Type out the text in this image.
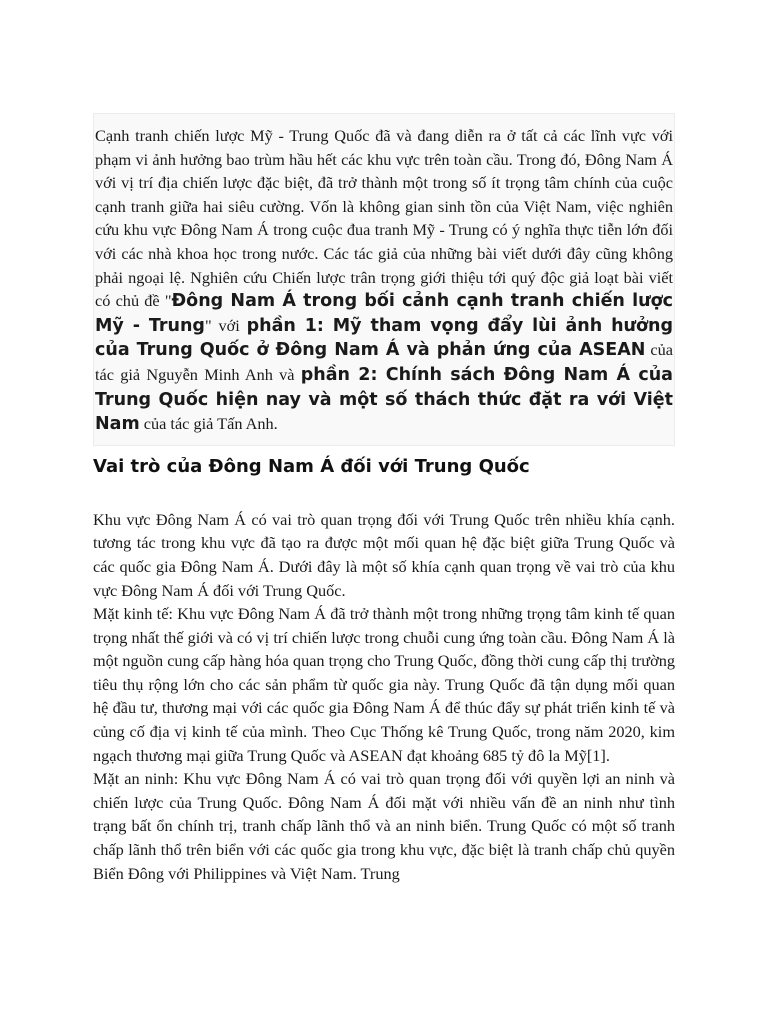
Cạnh tranh chiến lược Mỹ - Trung Quốc đã và đang diễn ra ở tất cả các lĩnh vực với phạm vi ảnh hưởng bao trùm hầu hết các khu vực trên toàn cầu. Trong đó, Đông Nam Á với vị trí địa chiến lược đặc biệt, đã trở thành một trong số ít trọng tâm chính của cuộc cạnh tranh giữa hai siêu cường. Vốn là không gian sinh tồn của Việt Nam, việc nghiên cứu khu vực Đông Nam Á trong cuộc đua tranh Mỹ - Trung có ý nghĩa thực tiễn lớn đối với các nhà khoa học trong nước. Các tác giả của những bài viết dưới đây cũng không phải ngoại lệ. Nghiên cứu Chiến lược trân trọng giới thiệu tới quý độc giả loạt bài viết có chủ đề "Đông Nam Á trong bối cảnh cạnh tranh chiến lược Mỹ - Trung" với phần 1: Mỹ tham vọng đẩy lùi ảnh hưởng của Trung Quốc ở Đông Nam Á và phản ứng của ASEAN của tác giả Nguyễn Minh Anh và phần 2: Chính sách Đông Nam Á của Trung Quốc hiện nay và một số thách thức đặt ra với Việt Nam của tác giả Tấn Anh.
Vai trò của Đông Nam Á đối với Trung Quốc

Khu vực Đông Nam Á có vai trò quan trọng đối với Trung Quốc trên nhiều khía cạnh. tương tác trong khu vực đã tạo ra được một mối quan hệ đặc biệt giữa Trung Quốc và các quốc gia Đông Nam Á. Dưới đây là một số khía cạnh quan trọng về vai trò của khu vực Đông Nam Á đối với Trung Quốc.

Mặt kinh tế: Khu vực Đông Nam Á đã trở thành một trong những trọng tâm kinh tế quan trọng nhất thế giới và có vị trí chiến lược trong chuỗi cung ứng toàn cầu. Đông Nam Á là một nguồn cung cấp hàng hóa quan trọng cho Trung Quốc, đồng thời cung cấp thị trường tiêu thụ rộng lớn cho các sản phẩm từ quốc gia này. Trung Quốc đã tận dụng mối quan hệ đầu tư, thương mại với các quốc gia Đông Nam Á để thúc đẩy sự phát triển kinh tế và củng cố địa vị kinh tế của mình. Theo Cục Thống kê Trung Quốc, trong năm 2020, kim ngạch thương mại giữa Trung Quốc và ASEAN đạt khoảng 685 tỷ đô la Mỹ[1].

Mặt an ninh: Khu vực Đông Nam Á có vai trò quan trọng đối với quyền lợi an ninh và chiến lược của Trung Quốc. Đông Nam Á đối mặt với nhiều vấn đề an ninh như tình trạng bất ổn chính trị, tranh chấp lãnh thổ và an ninh biển. Trung Quốc có một số tranh chấp lãnh thổ trên biển với các quốc gia trong khu vực, đặc biệt là tranh chấp chủ quyền Biển Đông với Philippines và Việt Nam. Trung
